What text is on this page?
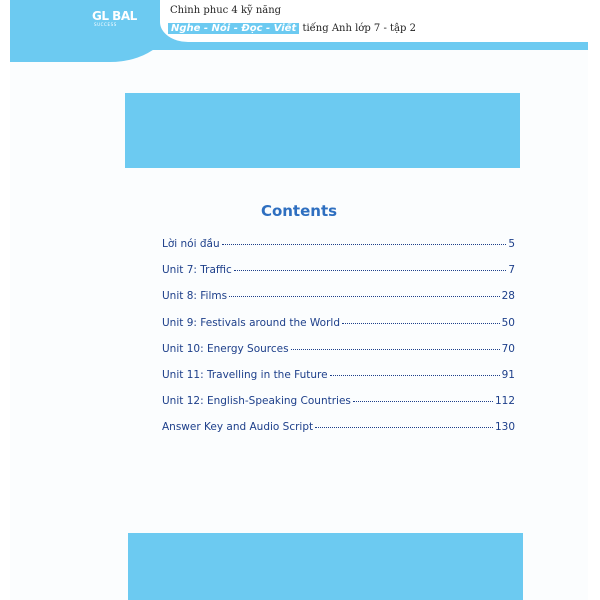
GL BAL
SUCCESS
Chinh phuc 4 kỹ năng
Nghe - Nói - Đọc - Viết tiếng Anh lớp 7 - tập 2
Contents
Lời nói đầu	5
Unit 7: Traffic	7
Unit 8: Films	28
Unit 9: Festivals around the World	50
Unit 10: Energy Sources	70
Unit 11: Travelling in the Future	91
Unit 12: English-Speaking Countries	112
Answer Key and Audio Script	130
